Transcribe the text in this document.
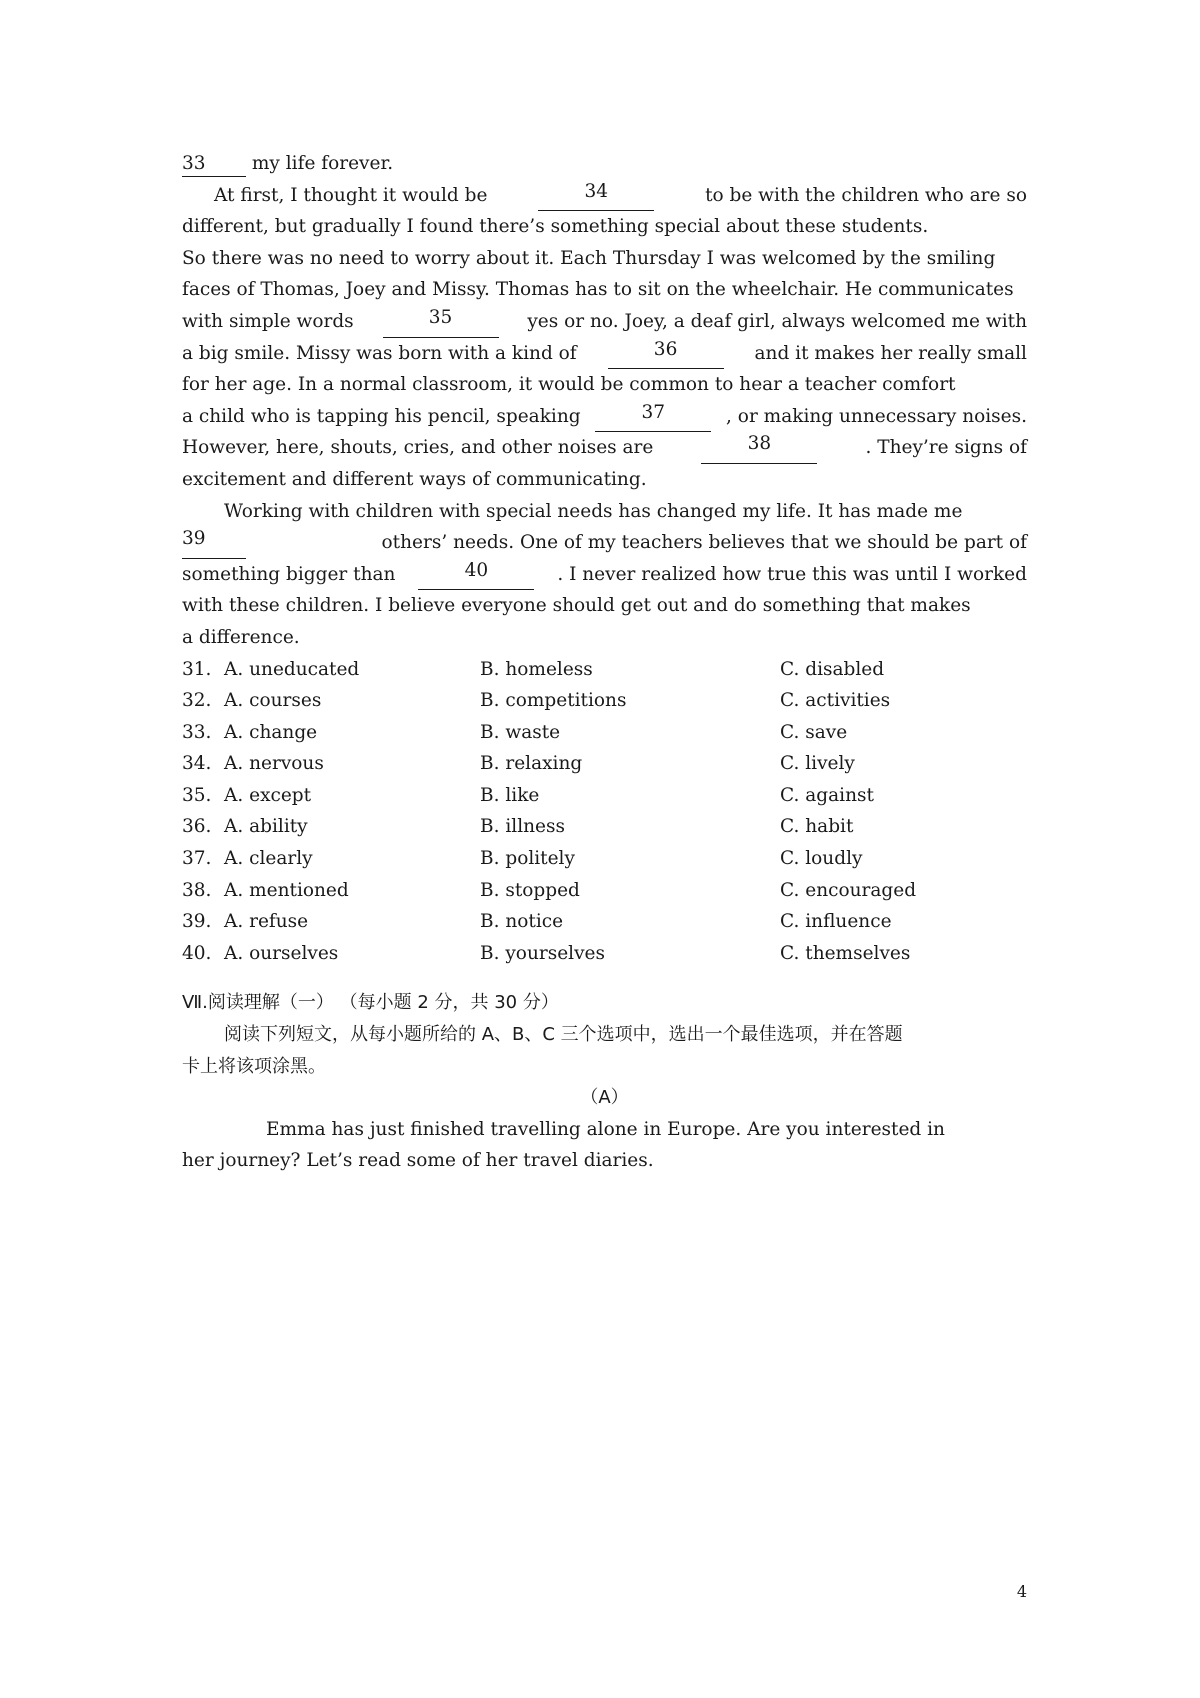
33	my life forever.
At first, I thought it would be	34	to be with the children who are so
different, but gradually I found there’s something special about these students.
So there was no need to worry about it. Each Thursday I was welcomed by the smiling
faces of Thomas, Joey and Missy. Thomas has to sit on the wheelchair. He communicates
with simple words	35	yes or no. Joey, a deaf girl, always welcomed me with
a big smile. Missy was born with a kind of	36	and it makes her really small
for her age. In a normal classroom, it would be common to hear a teacher comfort
a child who is tapping his pencil, speaking	37	, or making unnecessary noises.
However, here, shouts, cries, and other noises are	38	. They’re signs of
excitement and different ways of communicating.
Working with children with special needs has changed my life. It has made me
39	others’ needs. One of my teachers believes that we should be part of
something bigger than	40	. I never realized how true this was until I worked
with these children. I believe everyone should get out and do something that makes
a difference.
31. A. uneducated	B. homeless	C. disabled
32. A. courses	B. competitions	C. activities
33. A. change	B. waste	C. save
34. A. nervous	B. relaxing	C. lively
35. A. except	B. like	C. against
36. A. ability	B. illness	C. habit
37. A. clearly	B. politely	C. loudly
38. A. mentioned	B. stopped	C. encouraged
39. A. refuse	B. notice	C. influence
40. A. ourselves	B. yourselves	C. themselves
Ⅶ.阅读理解（一） （每小题 2 分，共 30 分）
阅读下列短文，从每小题所给的 A、B、C 三个选项中，选出一个最佳选项，并在答题
卡上将该项涂黑。
（A）
Emma has just finished travelling alone in Europe. Are you interested in
her journey? Let’s read some of her travel diaries.
4
